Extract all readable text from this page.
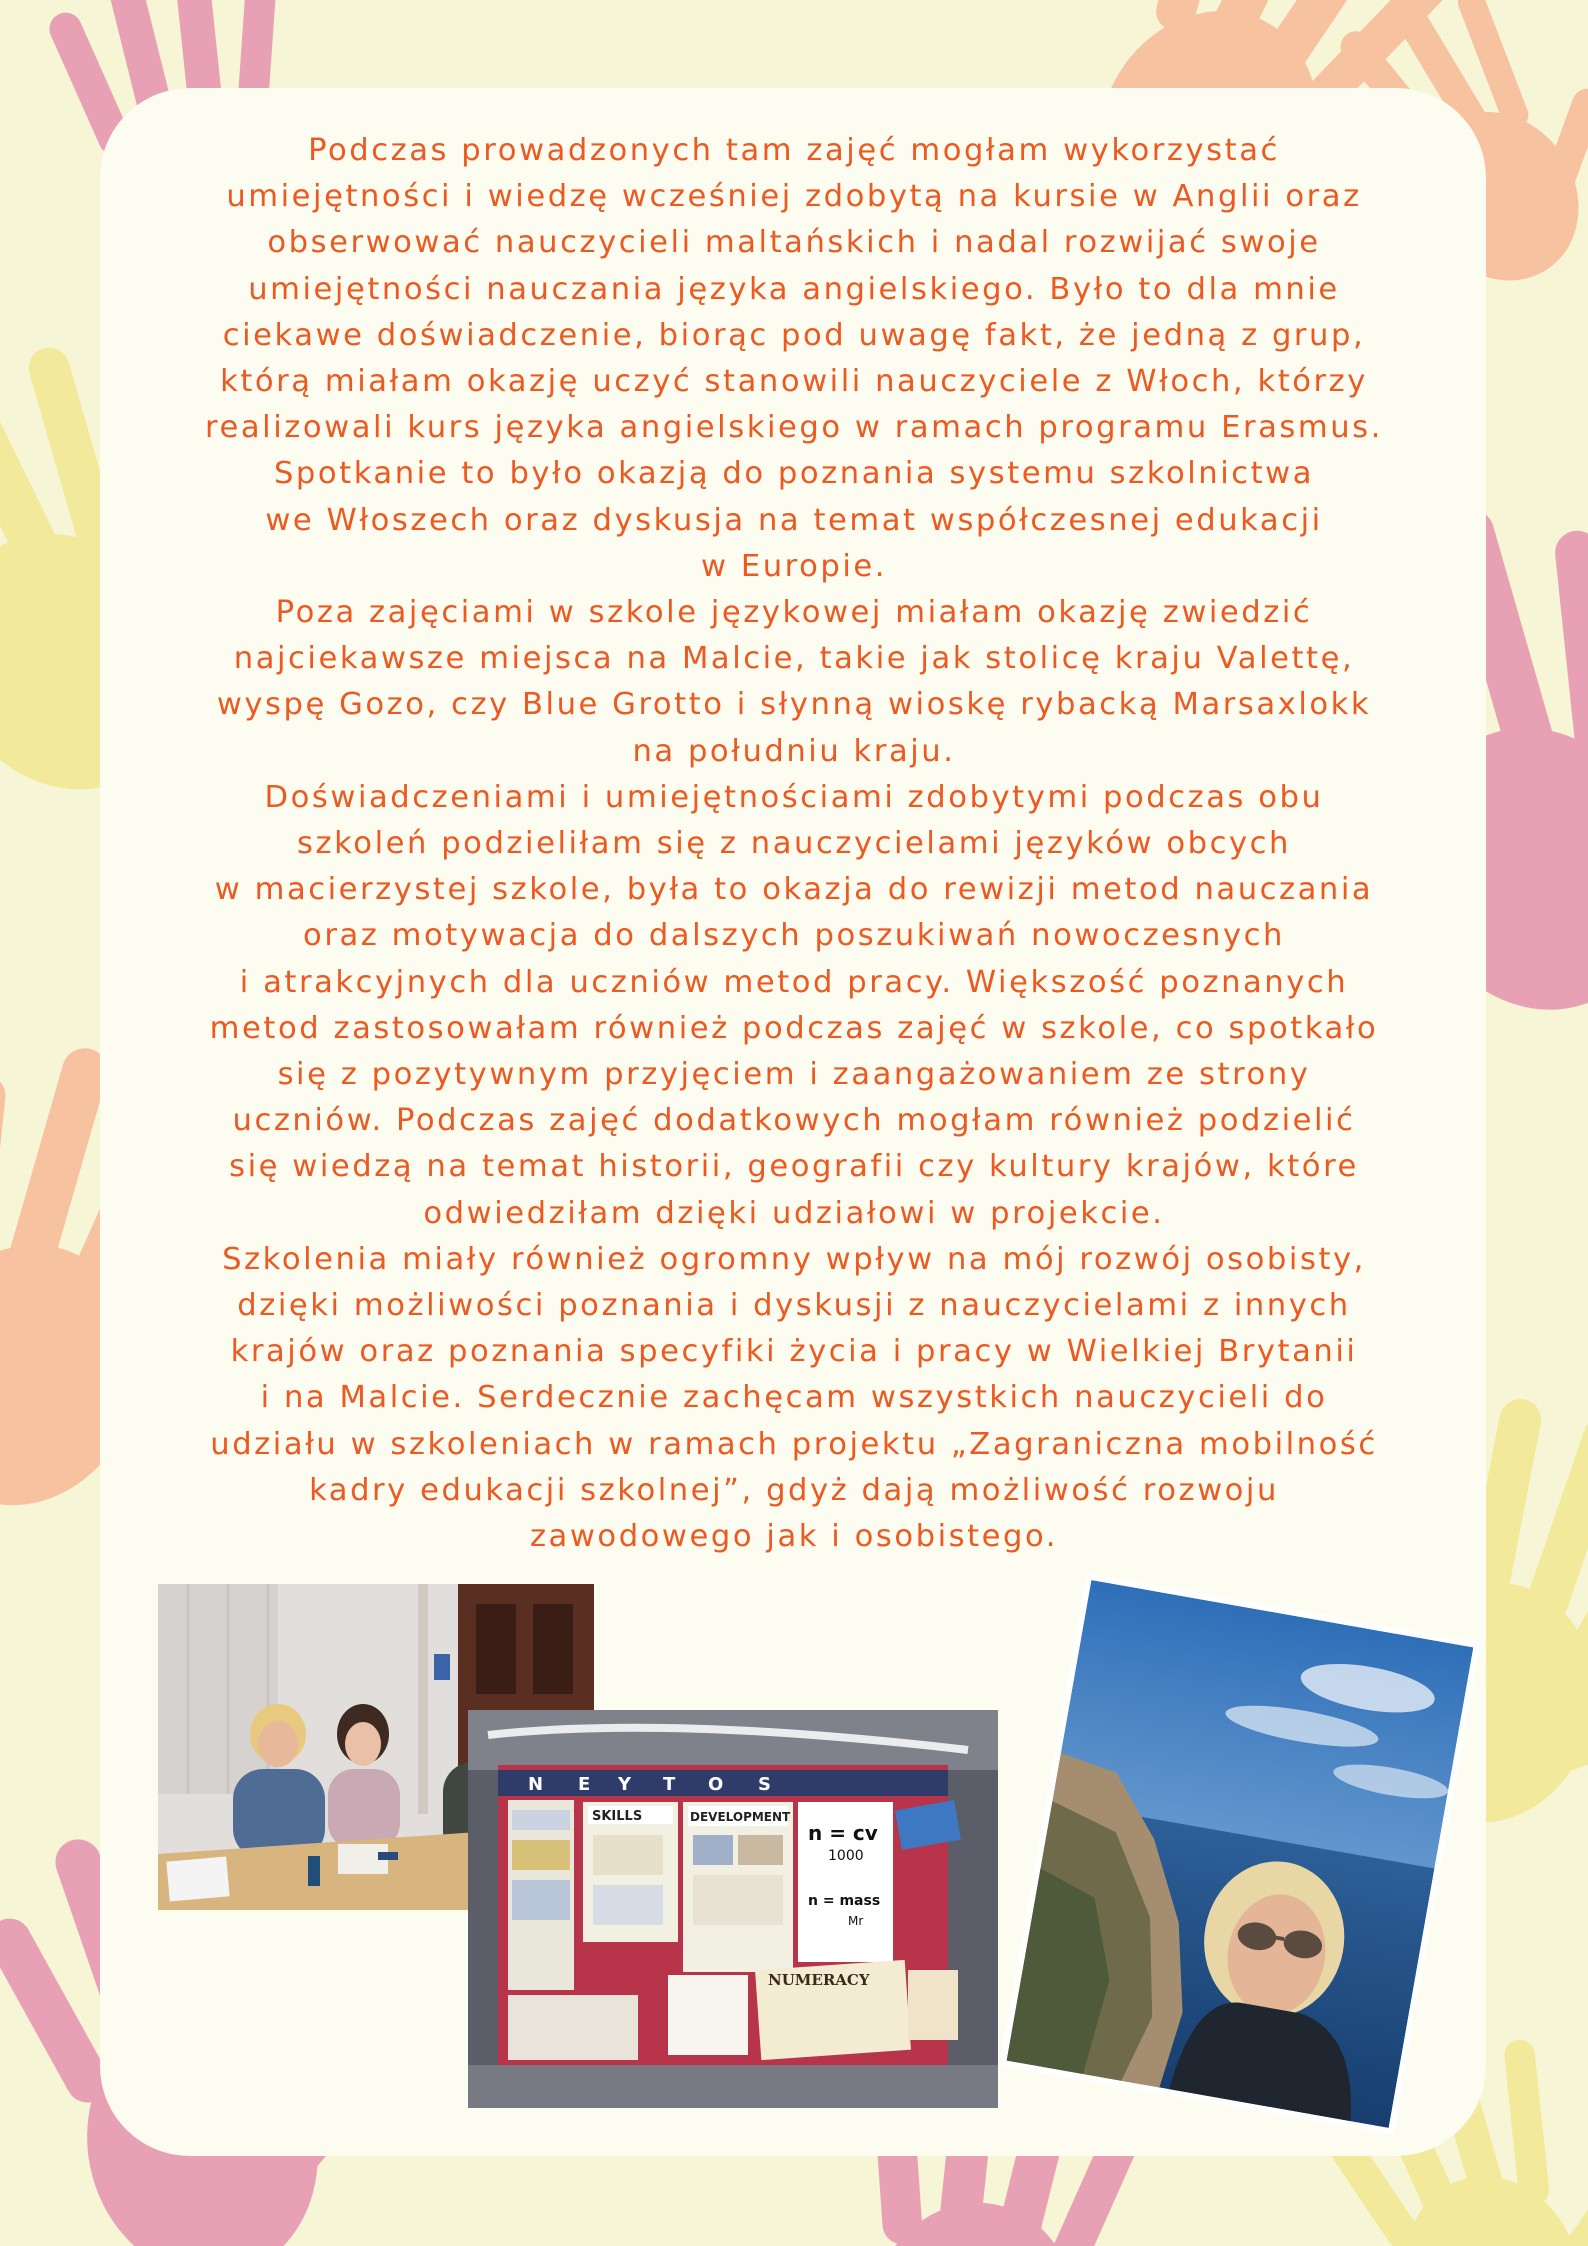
Podczas prowadzonych tam zajęć mogłam wykorzystać
umiejętności i wiedzę wcześniej zdobytą na kursie w Anglii oraz
obserwować nauczycieli maltańskich i nadal rozwijać swoje
umiejętności nauczania języka angielskiego. Było to dla mnie
ciekawe doświadczenie, biorąc pod uwagę fakt, że jedną z grup,
którą miałam okazję uczyć stanowili nauczyciele z Włoch, którzy
realizowali kurs języka angielskiego w ramach programu Erasmus.
Spotkanie to było okazją do poznania systemu szkolnictwa
we Włoszech oraz dyskusja na temat współczesnej edukacji
w Europie.

Poza zajęciami w szkole językowej miałam okazję zwiedzić
najciekawsze miejsca na Malcie, takie jak stolicę kraju Valettę,
wyspę Gozo, czy Blue Grotto i słynną wioskę rybacką Marsaxlokk
na południu kraju.

Doświadczeniami i umiejętnościami zdobytymi podczas obu
szkoleń podzieliłam się z nauczycielami języków obcych
w macierzystej szkole, była to okazja do rewizji metod nauczania
oraz motywacja do dalszych poszukiwań nowoczesnych
i atrakcyjnych dla uczniów metod pracy. Większość poznanych
metod zastosowałam również podczas zajęć w szkole, co spotkało
się z pozytywnym przyjęciem i zaangażowaniem ze strony
uczniów. Podczas zajęć dodatkowych mogłam również podzielić
się wiedzą na temat historii, geografii czy kultury krajów, które
odwiedziłam dzięki udziałowi w projekcie.

Szkolenia miały również ogromny wpływ na mój rozwój osobisty,
dzięki możliwości poznania i dyskusji z nauczycielami z innych
krajów oraz poznania specyfiki życia i pracy w Wielkiej Brytanii
i na Malcie. Serdecznie zachęcam wszystkich nauczycieli do
udziału w szkoleniach w ramach projektu „Zagraniczna mobilność
kadry edukacji szkolnej”, gdyż dają możliwość rozwoju
zawodowego jak i osobistego.

N E Y T O S
SKILLS	DEVELOPMENT
n = cv
1000
n = mass
Mr
NUMERACY
